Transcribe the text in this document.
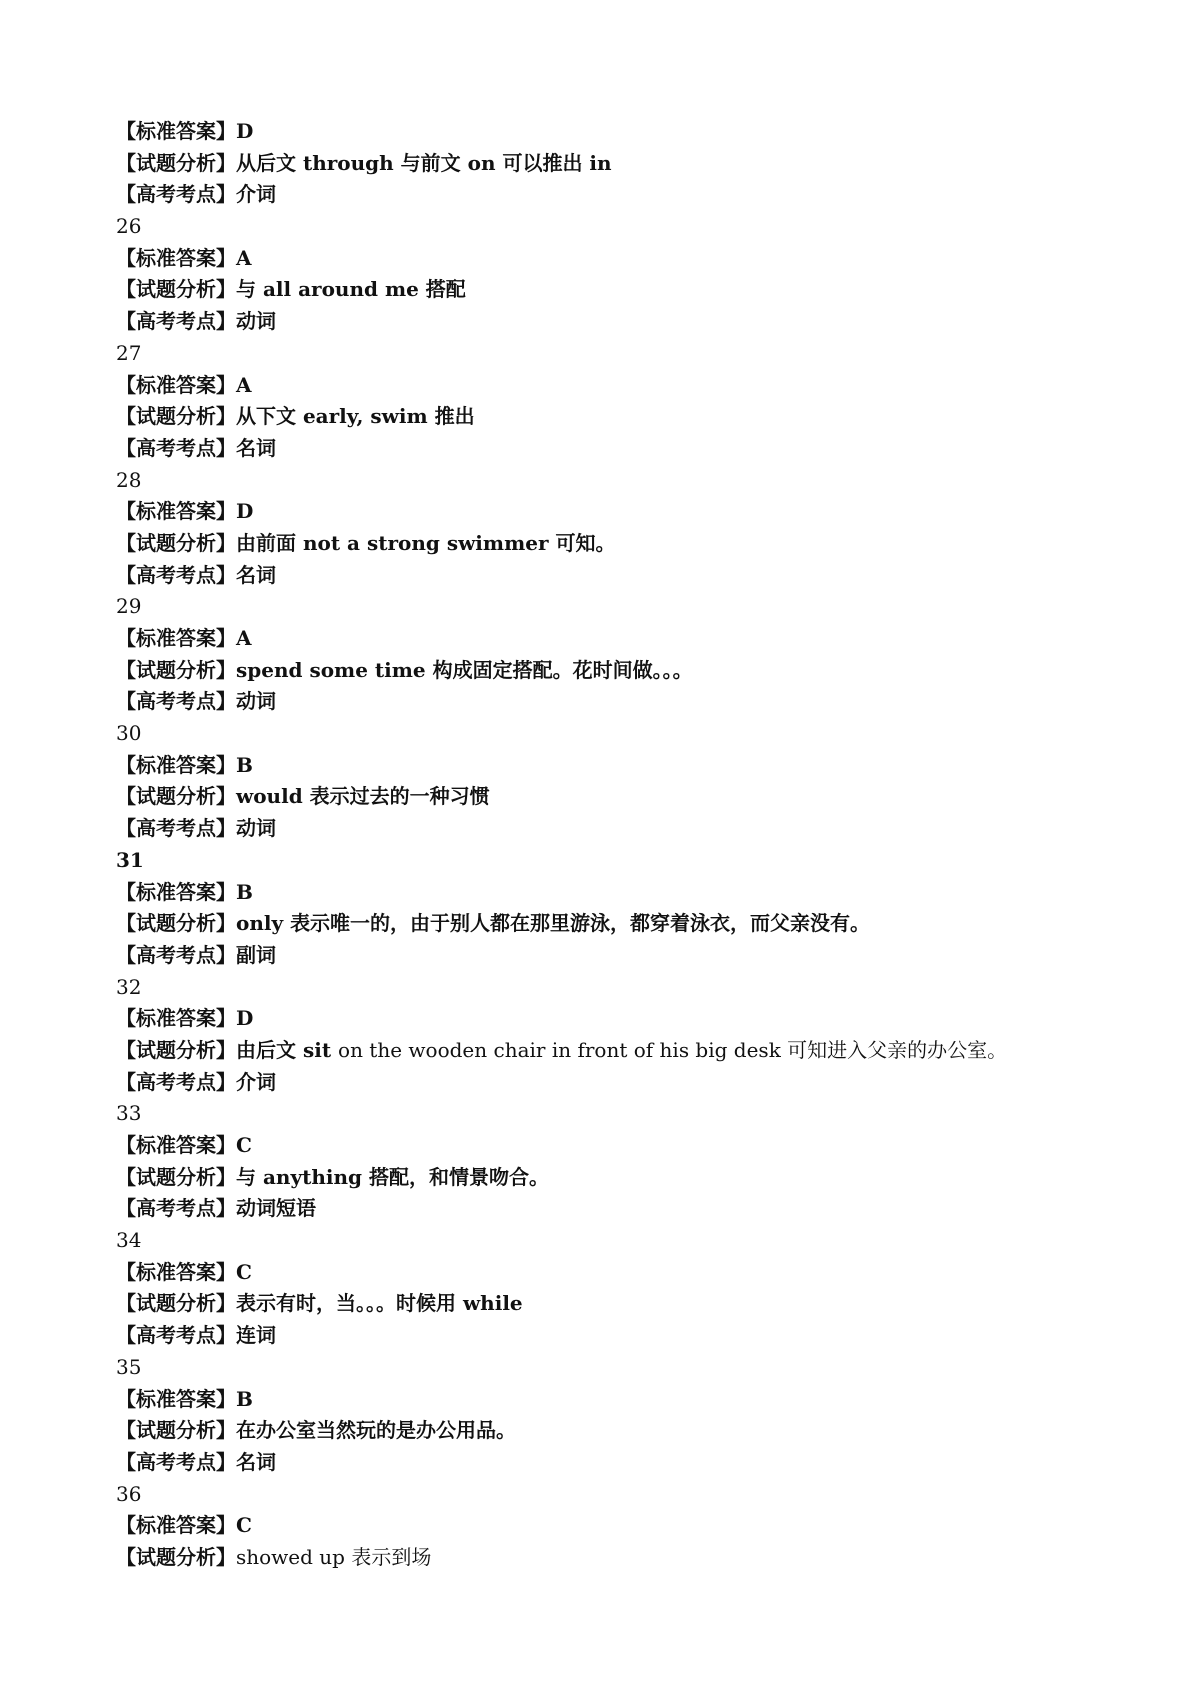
【标准答案】D
【试题分析】从后文 through 与前文 on 可以推出 in
【高考考点】介词
26
【标准答案】A
【试题分析】与 all around me 搭配
【高考考点】动词
27
【标准答案】A
【试题分析】从下文 early, swim 推出
【高考考点】名词
28
【标准答案】D
【试题分析】由前面 not a strong swimmer 可知。
【高考考点】名词
29
【标准答案】A
【试题分析】spend some time 构成固定搭配。花时间做。。。
【高考考点】动词
30
【标准答案】B
【试题分析】would 表示过去的一种习惯
【高考考点】动词
31
【标准答案】B
【试题分析】only 表示唯一的，由于别人都在那里游泳，都穿着泳衣，而父亲没有。
【高考考点】副词
32
【标准答案】D
【试题分析】由后文 sit on the wooden chair in front of his big desk 可知进入父亲的办公室。
【高考考点】介词
33
【标准答案】C
【试题分析】与 anything 搭配，和情景吻合。
【高考考点】动词短语
34
【标准答案】C
【试题分析】表示有时，当。。。时候用 while
【高考考点】连词
35
【标准答案】B
【试题分析】在办公室当然玩的是办公用品。
【高考考点】名词
36
【标准答案】C
【试题分析】showed up 表示到场
